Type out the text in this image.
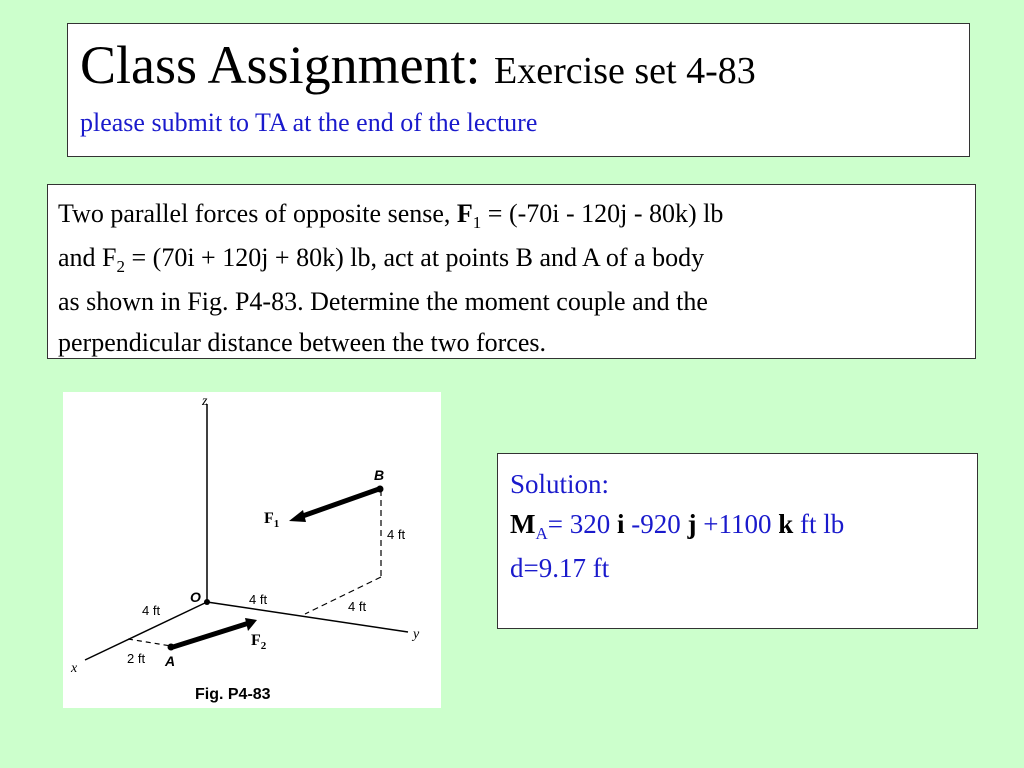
Class Assignment: Exercise set 4-83
please submit to TA at the end of the lecture
Two parallel forces of opposite sense, $F_1 = (-70i - 120j - 80k)$ lb
and $F_2 = (70i + 120j + 80k)$ lb, act at points B and A of a body
as shown in Fig. P4-83. Determine the moment couple and the
perpendicular distance between the two forces.
z
y
x
O
B
A
$F_1$
$F_2$
4 ft
4 ft	4 ft
4 ft
2 ft
Fig. P4-83
Solution:
$M_A= 320$ i -920 j +1100 k ft lb
d=9.17 ft
